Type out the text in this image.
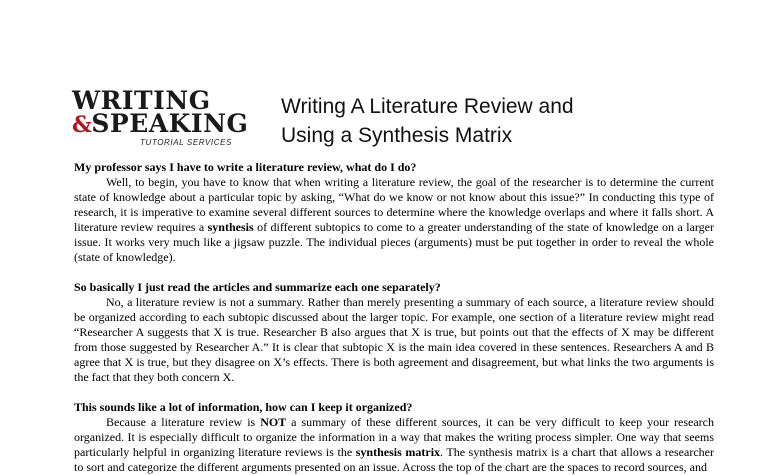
WRITING
&SPEAKING
TUTORIAL SERVICES
Writing A Literature Review and
Using a Synthesis Matrix

My professor says I have to write a literature review, what do I do?

Well, to begin, you have to know that when writing a literature review, the goal of the researcher is to determine the current state of knowledge about a particular topic by asking, “What do we know or not know about this issue?” In conducting this type of research, it is imperative to examine several different sources to determine where the knowledge overlaps and where it falls short. A literature review requires a synthesis of different subtopics to come to a greater understanding of the state of knowledge on a larger issue. It works very much like a jigsaw puzzle. The individual pieces (arguments) must be put together in order to reveal the whole (state of knowledge).

So basically I just read the articles and summarize each one separately?

No, a literature review is not a summary. Rather than merely presenting a summary of each source, a literature review should be organized according to each subtopic discussed about the larger topic. For example, one section of a literature review might read “Researcher A suggests that X is true. Researcher B also argues that X is true, but points out that the effects of X may be different from those suggested by Researcher A.” It is clear that subtopic X is the main idea covered in these sentences. Researchers A and B agree that X is true, but they disagree on X’s effects. There is both agreement and disagreement, but what links the two arguments is the fact that they both concern X.

This sounds like a lot of information, how can I keep it organized?

Because a literature review is NOT a summary of these different sources, it can be very difficult to keep your research organized. It is especially difficult to organize the information in a way that makes the writing process simpler. One way that seems particularly helpful in organizing literature reviews is the synthesis matrix. The synthesis matrix is a chart that allows a researcher to sort and categorize the different arguments presented on an issue. Across the top of the chart are the spaces to record sources, and
